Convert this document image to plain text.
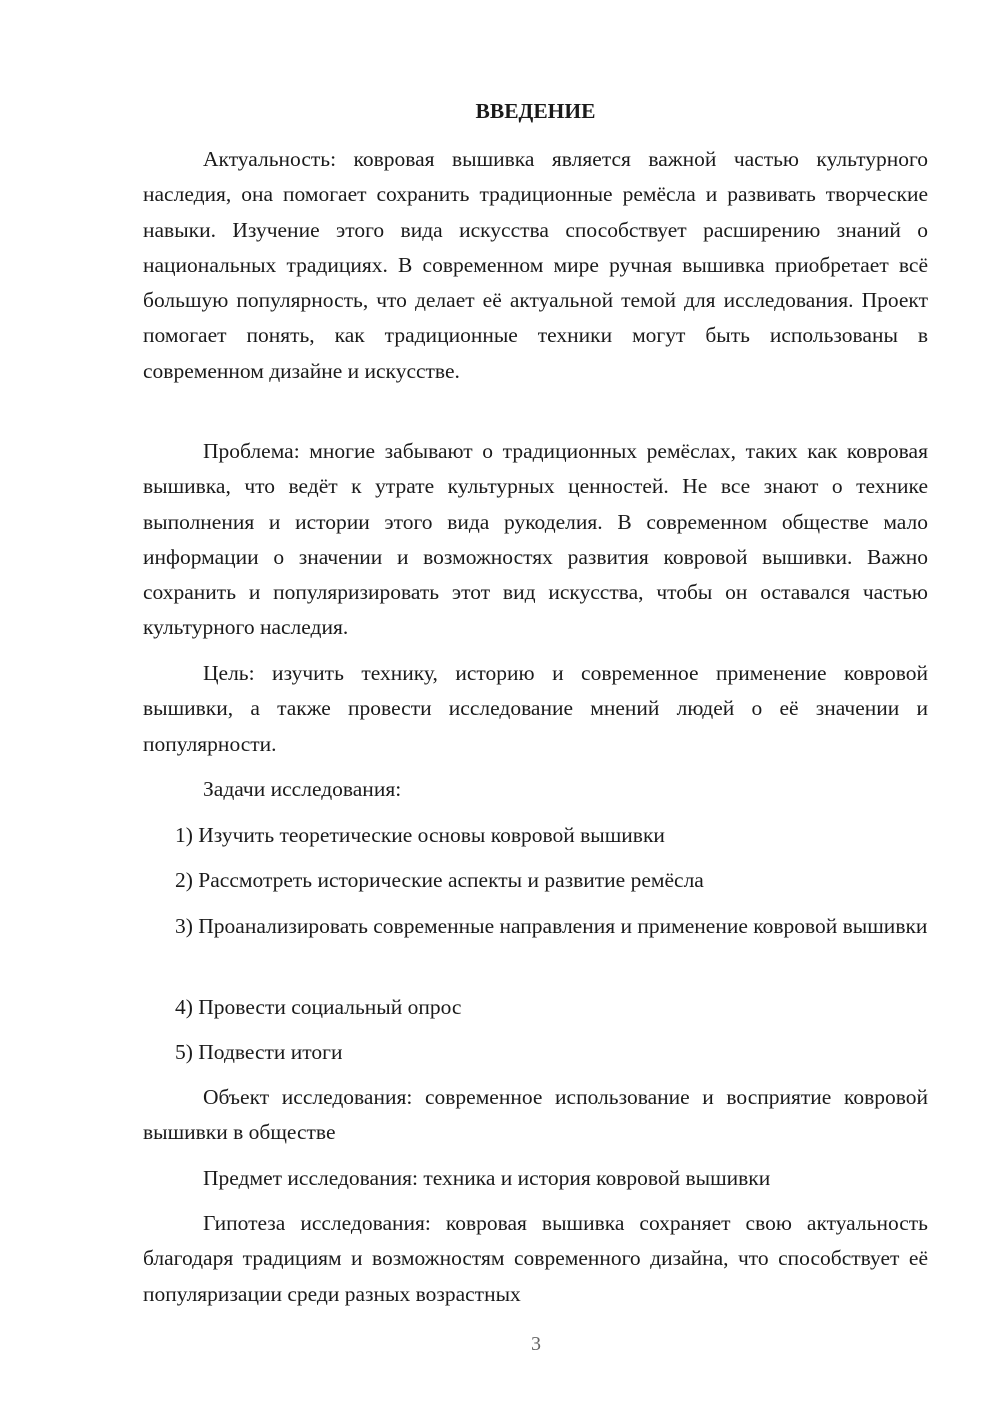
ВВЕДЕНИЕ

Актуальность: ковровая вышивка является важной частью культурного наследия, она помогает сохранить традиционные ремёсла и развивать творческие навыки. Изучение этого вида искусства способствует расширению знаний о национальных традициях. В современном мире ручная вышивка приобретает всё большую популярность, что делает её актуальной темой для исследования. Проект помогает понять, как традиционные техники могут быть использованы в современном дизайне и искусстве.

Проблема: многие забывают о традиционных ремёслах, таких как ковровая вышивка, что ведёт к утрате культурных ценностей. Не все знают о технике выполнения и истории этого вида рукоделия. В современном обществе мало информации о значении и возможностях развития ковровой вышивки. Важно сохранить и популяризировать этот вид искусства, чтобы он оставался частью культурного наследия.

Цель: изучить технику, историю и современное применение ковровой вышивки, а также провести исследование мнений людей о её значении и популярности.

Задачи исследования:

1) Изучить теоретические основы ковровой вышивки

2) Рассмотреть исторические аспекты и развитие ремёсла

3) Проанализировать современные направления и применение ковровой вышивки

4) Провести социальный опрос

5) Подвести итоги

Объект исследования: современное использование и восприятие ковровой вышивки в обществе

Предмет исследования: техника и история ковровой вышивки

Гипотеза исследования: ковровая вышивка сохраняет свою актуальность благодаря традициям и возможностям современного дизайна, что способствует её популяризации среди разных возрастных

3
